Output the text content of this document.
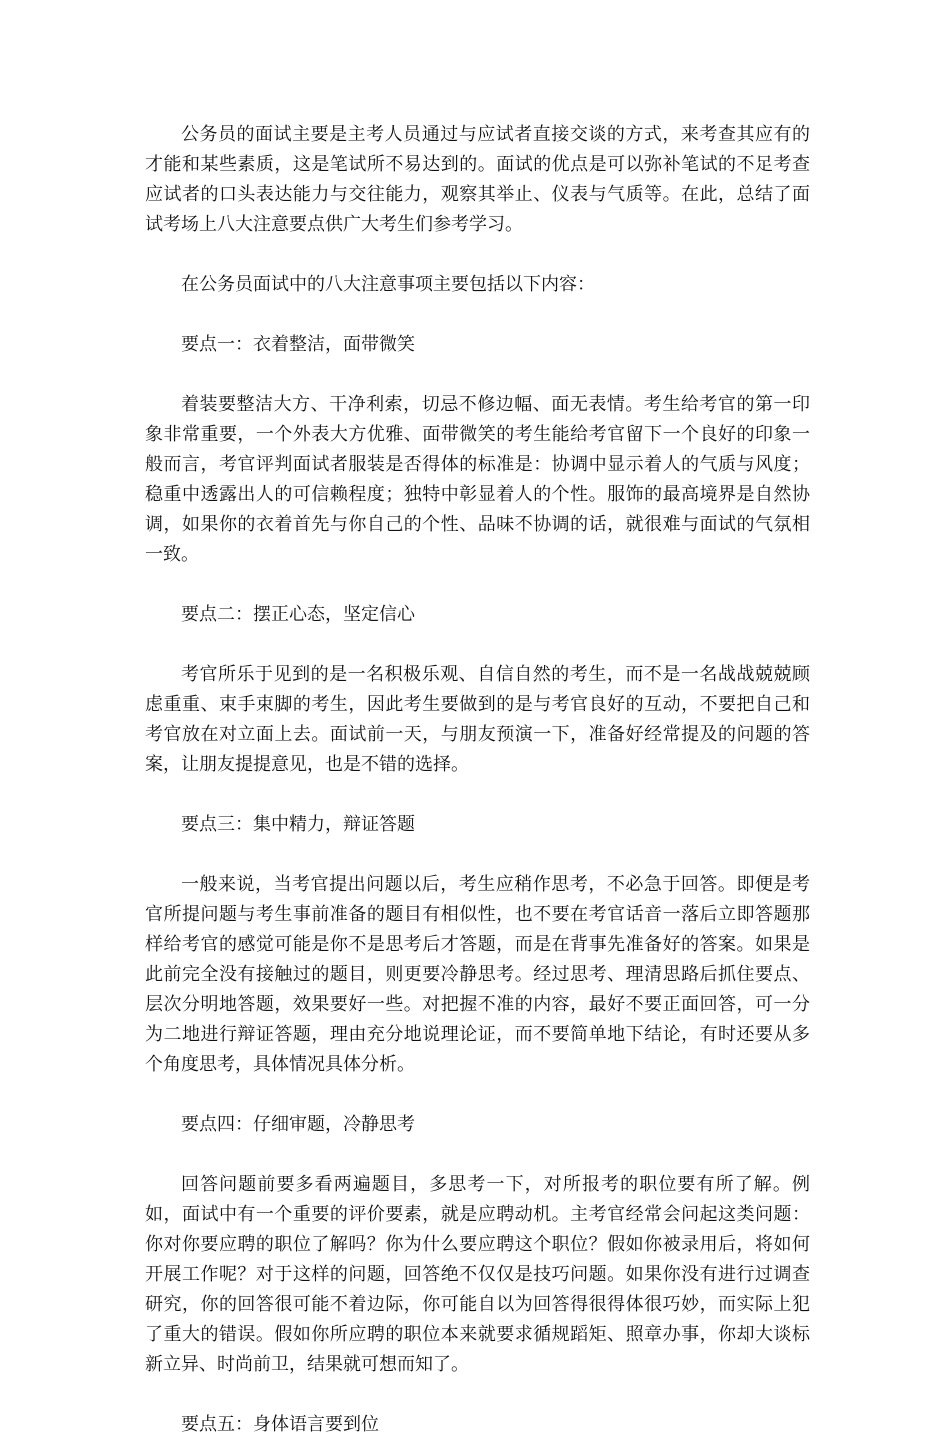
公务员的面试主要是主考人员通过与应试者直接交谈的方式，来考查其应有的才能和某些素质，这是笔试所不易达到的。面试的优点是可以弥补笔试的不足考查应试者的口头表达能力与交往能力，观察其举止、仪表与气质等。在此，总结了面试考场上八大注意要点供广大考生们参考学习。

在公务员面试中的八大注意事项主要包括以下内容：

要点一：衣着整洁，面带微笑

着装要整洁大方、干净利索，切忌不修边幅、面无表情。考生给考官的第一印象非常重要，一个外表大方优雅、面带微笑的考生能给考官留下一个良好的印象一般而言，考官评判面试者服装是否得体的标准是：协调中显示着人的气质与风度；稳重中透露出人的可信赖程度；独特中彰显着人的个性。服饰的最高境界是自然协调，如果你的衣着首先与你自己的个性、品味不协调的话，就很难与面试的气氛相一致。

要点二：摆正心态，坚定信心

考官所乐于见到的是一名积极乐观、自信自然的考生，而不是一名战战兢兢顾虑重重、束手束脚的考生，因此考生要做到的是与考官良好的互动，不要把自己和考官放在对立面上去。面试前一天，与朋友预演一下，准备好经常提及的问题的答案，让朋友提提意见，也是不错的选择。

要点三：集中精力，辩证答题

一般来说，当考官提出问题以后，考生应稍作思考，不必急于回答。即便是考官所提问题与考生事前准备的题目有相似性，也不要在考官话音一落后立即答题那样给考官的感觉可能是你不是思考后才答题，而是在背事先准备好的答案。如果是此前完全没有接触过的题目，则更要冷静思考。经过思考、理清思路后抓住要点、层次分明地答题，效果要好一些。对把握不准的内容，最好不要正面回答，可一分为二地进行辩证答题，理由充分地说理论证，而不要简单地下结论，有时还要从多个角度思考，具体情况具体分析。

要点四：仔细审题，冷静思考

回答问题前要多看两遍题目，多思考一下，对所报考的职位要有所了解。例如，面试中有一个重要的评价要素，就是应聘动机。主考官经常会问起这类问题：你对你要应聘的职位了解吗？你为什么要应聘这个职位？假如你被录用后，将如何开展工作呢？对于这样的问题，回答绝不仅仅是技巧问题。如果你没有进行过调查研究，你的回答很可能不着边际，你可能自以为回答得很得体很巧妙，而实际上犯了重大的错误。假如你所应聘的职位本来就要求循规蹈矩、照章办事，你却大谈标新立异、时尚前卫，结果就可想而知了。

要点五：身体语言要到位
